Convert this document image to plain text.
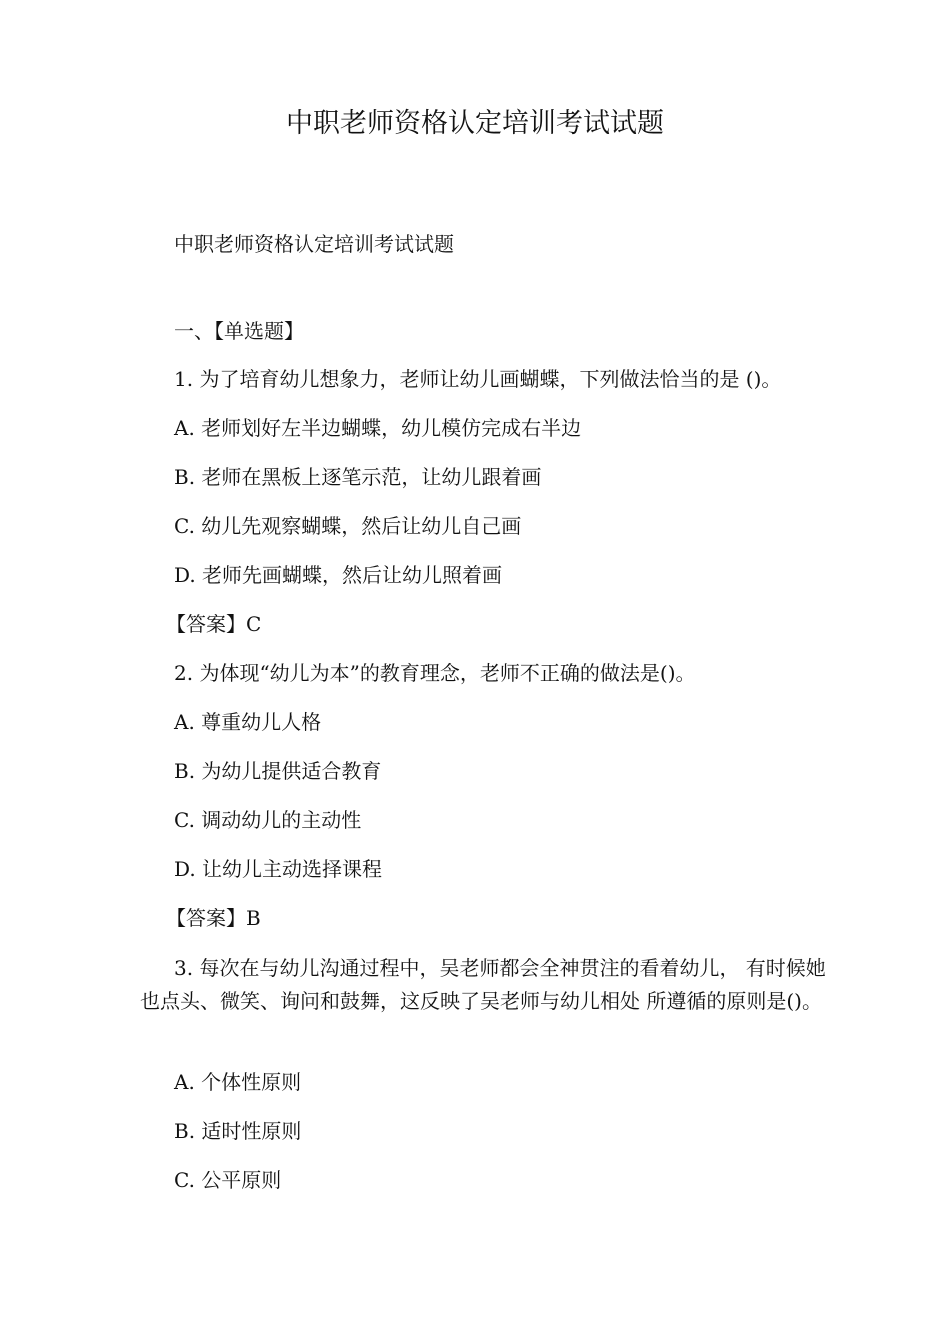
中职老师资格认定培训考试试题
中职老师资格认定培训考试试题
一、【单选题】
1. 为了培育幼儿想象力，老师让幼儿画蝴蝶，下列做法恰当的是 ()。
A. 老师划好左半边蝴蝶，幼儿模仿完成右半边
B. 老师在黑板上逐笔示范，让幼儿跟着画
C. 幼儿先观察蝴蝶，然后让幼儿自己画
D. 老师先画蝴蝶，然后让幼儿照着画
【答案】C
2. 为体现“幼儿为本”的教育理念，老师不正确的做法是()。
A. 尊重幼儿人格
B. 为幼儿提供适合教育
C. 调动幼儿的主动性
D. 让幼儿主动选择课程
【答案】B
3. 每次在与幼儿沟通过程中，吴老师都会全神贯注的看着幼儿， 有时候她也点头、微笑、询问和鼓舞，这反映了吴老师与幼儿相处 所遵循的原则是()。
A. 个体性原则
B. 适时性原则
C. 公平原则
